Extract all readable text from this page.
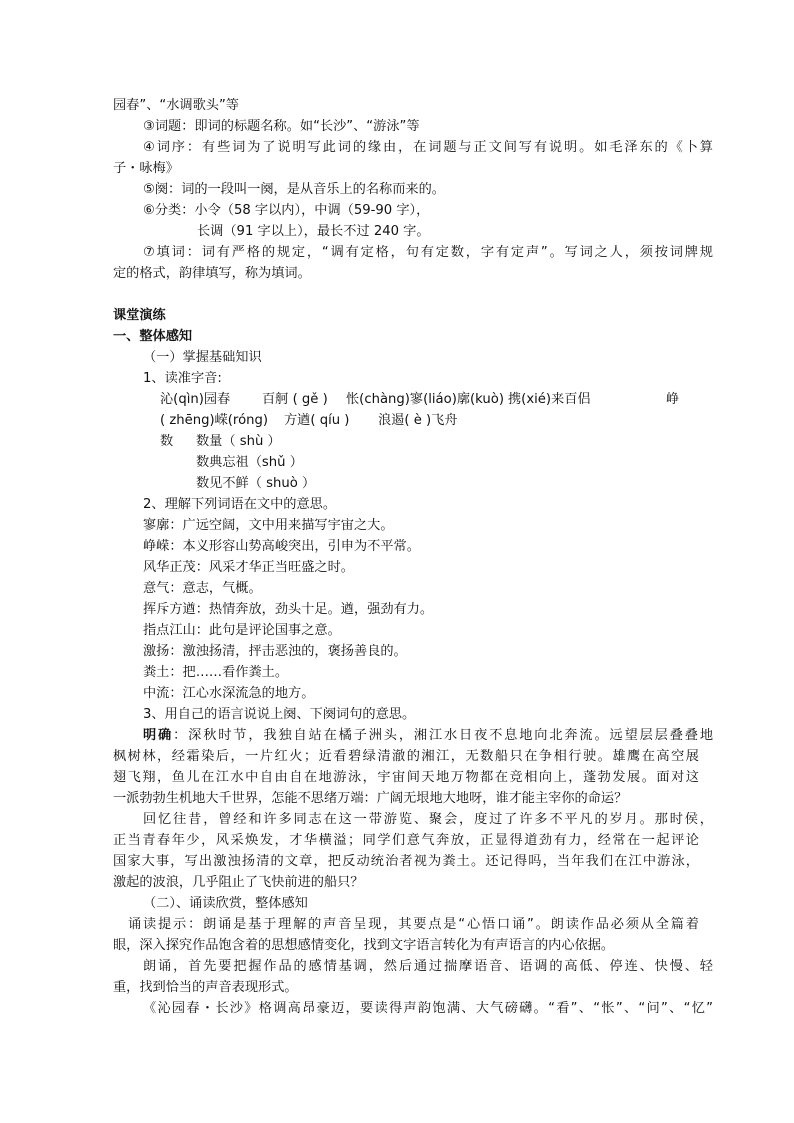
园春”、“水调歌头”等
③词题：即词的标题名称。如“长沙”、“游泳”等
④词序：有些词为了说明写此词的缘由，在词题与正文间写有说明。如毛泽东的《卜算
子・咏梅》
⑤阕：词的一段叫一阕，是从音乐上的名称而来的。
⑥分类：小令（58 字以内），中调（59-90 字），
长调（91 字以上），最长不过 240 字。
⑦填词：词有严格的规定，“调有定格，句有定数，字有定声”。写词之人，须按词牌规
定的格式，韵律填写，称为填词。
课堂演练
一、整体感知
（一）掌握基础知识
1、读准字音:
沁(qìn)园春 百舸 ( gě ) 怅(chàng)寥(liáo)廓(kuò) 携(xié)来百侣	峥
( zhēng)嵘(róng) 方遒( qíu ) 浪遏( è )飞舟
数 数量（ shù ）
数典忘祖（shǔ ）
数见不鲜（ shuò ）
2、理解下列词语在文中的意思。
寥廓：广远空阔，文中用来描写宇宙之大。
峥嵘：本义形容山势高峻突出，引申为不平常。
风华正茂：风采才华正当旺盛之时。
意气：意志，气概。
挥斥方遒：热情奔放，劲头十足。遒，强劲有力。
指点江山：此句是评论国事之意。
激扬：激浊扬清，抨击恶浊的，褒扬善良的。
粪土：把……看作粪土。
中流：江心水深流急的地方。
3、用自己的语言说说上阕、下阕词句的意思。
明确：深秋时节，我独自站在橘子洲头，湘江水日夜不息地向北奔流。远望层层叠叠地
枫树林，经霜染后，一片红火；近看碧绿清澈的湘江，无数船只在争相行驶。雄鹰在高空展
翅飞翔，鱼儿在江水中自由自在地游泳，宇宙间天地万物都在竞相向上，蓬勃发展。面对这
一派勃勃生机地大千世界，怎能不思绪万端：广阔无垠地大地呀，谁才能主宰你的命运？
回忆往昔，曾经和许多同志在这一带游览、聚会，度过了许多不平凡的岁月。那时侯，
正当青春年少，风采焕发，才华横溢；同学们意气奔放，正显得道劲有力，经常在一起评论
国家大事，写出激浊扬清的文章，把反动统治者视为粪土。还记得吗，当年我们在江中游泳，
激起的波浪，几乎阻止了飞快前进的船只？
（二）、诵读欣赏，整体感知
　诵读提示：朗诵是基于理解的声音呈现，其要点是“心悟口诵”。朗读作品必须从全篇着
眼，深入探究作品饱含着的思想感情变化，找到文字语言转化为有声语言的内心依据。
朗诵，首先要把握作品的感情基调，然后通过揣摩语音、语调的高低、停连、快慢、轻
重，找到恰当的声音表现形式。
《沁园春・长沙》格调高昂豪迈，要读得声韵饱满、大气磅礴。“看”、“怅”、“问”、“忆”
